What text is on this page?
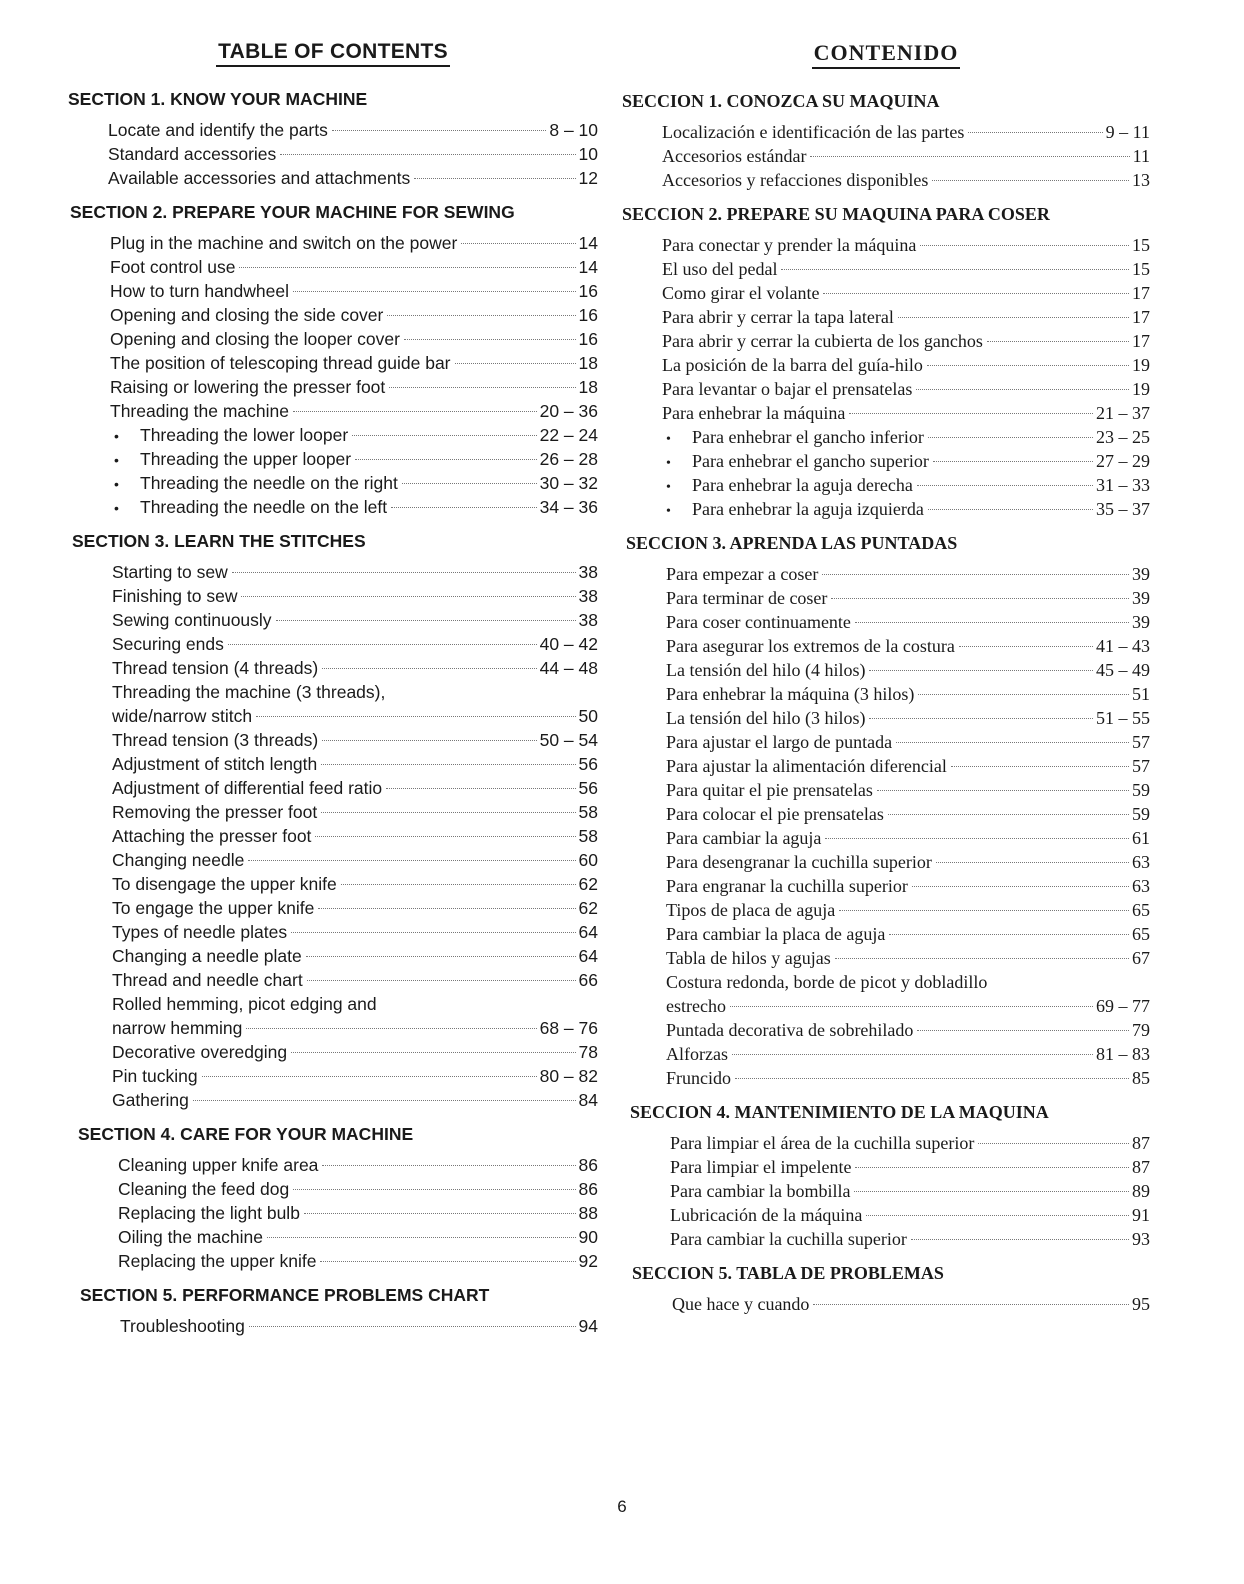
TABLE OF CONTENTS
SECTION 1. KNOW YOUR MACHINE
Locate and identify the parts	8 – 10
Standard accessories	10
Available accessories and attachments	12
SECTION 2. PREPARE YOUR MACHINE FOR SEWING
Plug in the machine and switch on the power	14
Foot control use	14
How to turn handwheel	16
Opening and closing the side cover	16
Opening and closing the looper cover	16
The position of telescoping thread guide bar	18
Raising or lowering the presser foot	18
Threading the machine	20 – 36
• Threading the lower looper	22 – 24
• Threading the upper looper	26 – 28
• Threading the needle on the right	30 – 32
• Threading the needle on the left	34 – 36
SECTION 3. LEARN THE STITCHES
Starting to sew	38
Finishing to sew	38
Sewing continuously	38
Securing ends	40 – 42
Thread tension (4 threads)	44 – 48
Threading the machine (3 threads),
wide/narrow stitch	50
Thread tension (3 threads)	50 – 54
Adjustment of stitch length	56
Adjustment of differential feed ratio	56
Removing the presser foot	58
Attaching the presser foot	58
Changing needle	60
To disengage the upper knife	62
To engage the upper knife	62
Types of needle plates	64
Changing a needle plate	64
Thread and needle chart	66
Rolled hemming, picot edging and
narrow hemming	68 – 76
Decorative overedging	78
Pin tucking	80 – 82
Gathering	84
SECTION 4. CARE FOR YOUR MACHINE
Cleaning upper knife area	86
Cleaning the feed dog	86
Replacing the light bulb	88
Oiling the machine	90
Replacing the upper knife	92
SECTION 5. PERFORMANCE PROBLEMS CHART
Troubleshooting	94
CONTENIDO
SECCION 1. CONOZCA SU MAQUINA
Localización e identificación de las partes	9 – 11
Accesorios estándar	11
Accesorios y refacciones disponibles	13
SECCION 2. PREPARE SU MAQUINA PARA COSER
Para conectar y prender la máquina	15
El uso del pedal	15
Como girar el volante	17
Para abrir y cerrar la tapa lateral	17
Para abrir y cerrar la cubierta de los ganchos	17
La posición de la barra del guía-hilo	19
Para levantar o bajar el prensatelas	19
Para enhebrar la máquina	21 – 37
• Para enhebrar el gancho inferior	23 – 25
• Para enhebrar el gancho superior	27 – 29
• Para enhebrar la aguja derecha	31 – 33
• Para enhebrar la aguja izquierda	35 – 37
SECCION 3. APRENDA LAS PUNTADAS
Para empezar a coser	39
Para terminar de coser	39
Para coser continuamente	39
Para asegurar los extremos de la costura	41 – 43
La tensión del hilo (4 hilos)	45 – 49
Para enhebrar la máquina (3 hilos)	51
La tensión del hilo (3 hilos)	51 – 55
Para ajustar el largo de puntada	57
Para ajustar la alimentación diferencial	57
Para quitar el pie prensatelas	59
Para colocar el pie prensatelas	59
Para cambiar la aguja	61
Para desengranar la cuchilla superior	63
Para engranar la cuchilla superior	63
Tipos de placa de aguja	65
Para cambiar la placa de aguja	65
Tabla de hilos y agujas	67
Costura redonda, borde de picot y dobladillo
estrecho	69 – 77
Puntada decorativa de sobrehilado	79
Alforzas	81 – 83
Fruncido	85
SECCION 4. MANTENIMIENTO DE LA MAQUINA
Para limpiar el área de la cuchilla superior	87
Para limpiar el impelente	87
Para cambiar la bombilla	89
Lubricación de la máquina	91
Para cambiar la cuchilla superior	93
SECCION 5. TABLA DE PROBLEMAS
Que hace y cuando	95
6
